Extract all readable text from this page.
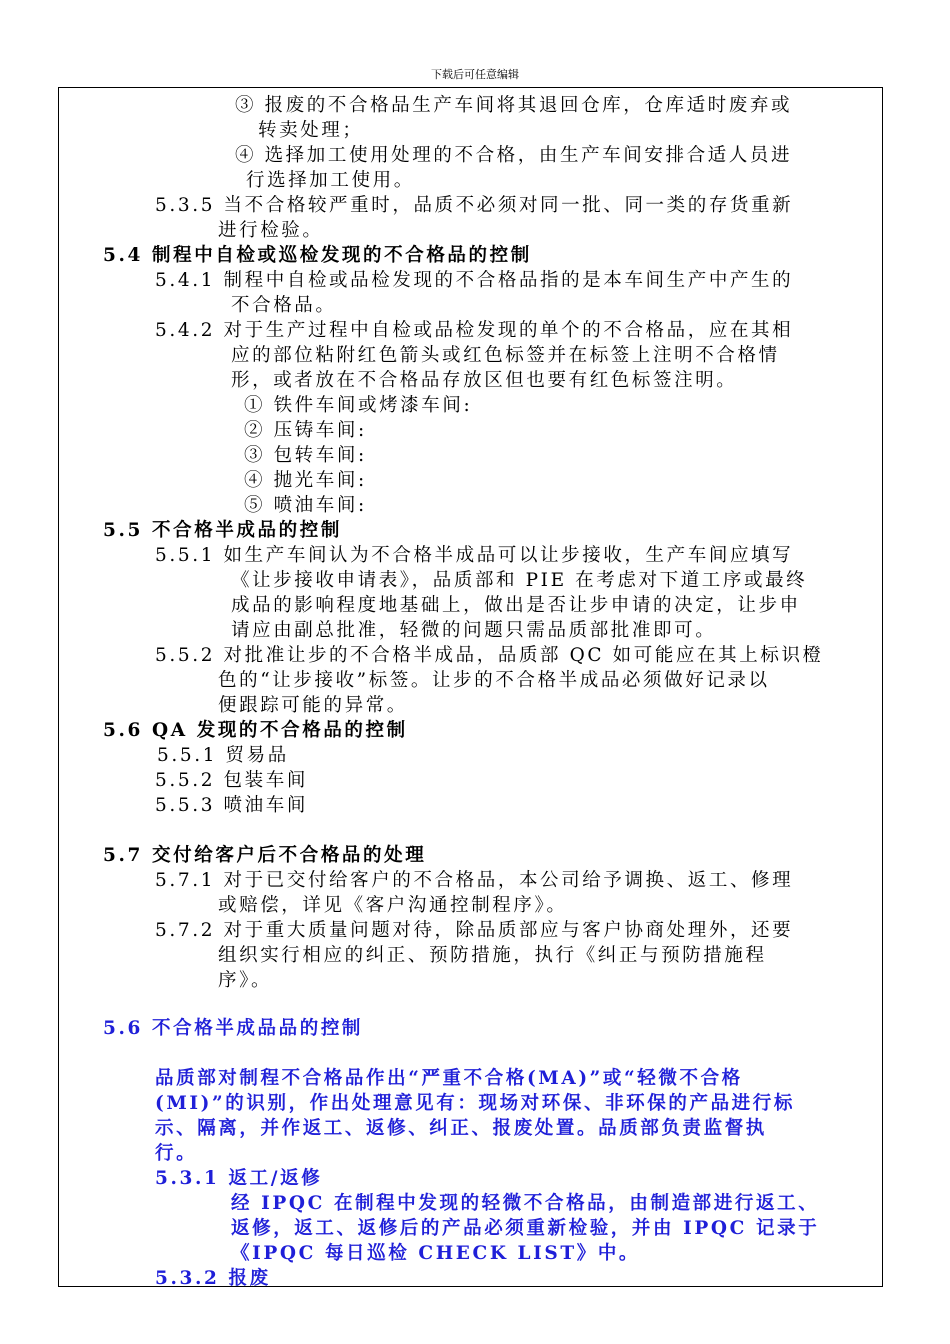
下载后可任意编辑
③ 报废的不合格品生产车间将其退回仓库，仓库适时废弃或
转卖处理；
④ 选择加工使用处理的不合格，由生产车间安排合适人员进
行选择加工使用。
5.3.5 当不合格较严重时，品质不必须对同一批、同一类的存货重新
进行检验。
5.4 制程中自检或巡检发现的不合格品的控制
5.4.1 制程中自检或品检发现的不合格品指的是本车间生产中产生的
不合格品。
5.4.2 对于生产过程中自检或品检发现的单个的不合格品，应在其相
应的部位粘附红色箭头或红色标签并在标签上注明不合格情
形，或者放在不合格品存放区但也要有红色标签注明。
① 铁件车间或烤漆车间:
② 压铸车间:
③ 包转车间:
④ 抛光车间:
⑤ 喷油车间:
5.5 不合格半成品的控制
5.5.1 如生产车间认为不合格半成品可以让步接收，生产车间应填写
《让步接收申请表》，品质部和 PIE 在考虑对下道工序或最终
成品的影响程度地基础上，做出是否让步申请的决定，让步申
请应由副总批准，轻微的问题只需品质部批准即可。
5.5.2 对批准让步的不合格半成品，品质部 QC 如可能应在其上标识橙
色的“让步接收”标签。让步的不合格半成品必须做好记录以
便跟踪可能的异常。
5.6 QA 发现的不合格品的控制
5.5.1 贸易品
5.5.2 包装车间
5.5.3 喷油车间
5.7 交付给客户后不合格品的处理
5.7.1 对于已交付给客户的不合格品，本公司给予调换、返工、修理
或赔偿，详见《客户沟通控制程序》。
5.7.2 对于重大质量问题对待，除品质部应与客户协商处理外，还要
组织实行相应的纠正、预防措施，执行《纠正与预防措施程
序》。
5.6 不合格半成品品的控制
品质部对制程不合格品作出“严重不合格(MA)”或“轻微不合格
(MI)”的识别，作出处理意见有：现场对环保、非环保的产品进行标
示、隔离，并作返工、返修、纠正、报废处置。品质部负责监督执
行。
5.3.1 返工/返修
经 IPQC 在制程中发现的轻微不合格品，由制造部进行返工、
返修，返工、返修后的产品必须重新检验，并由 IPQC 记录于
《IPQC 每日巡检 CHECK LIST》中。
5.3.2 报废
